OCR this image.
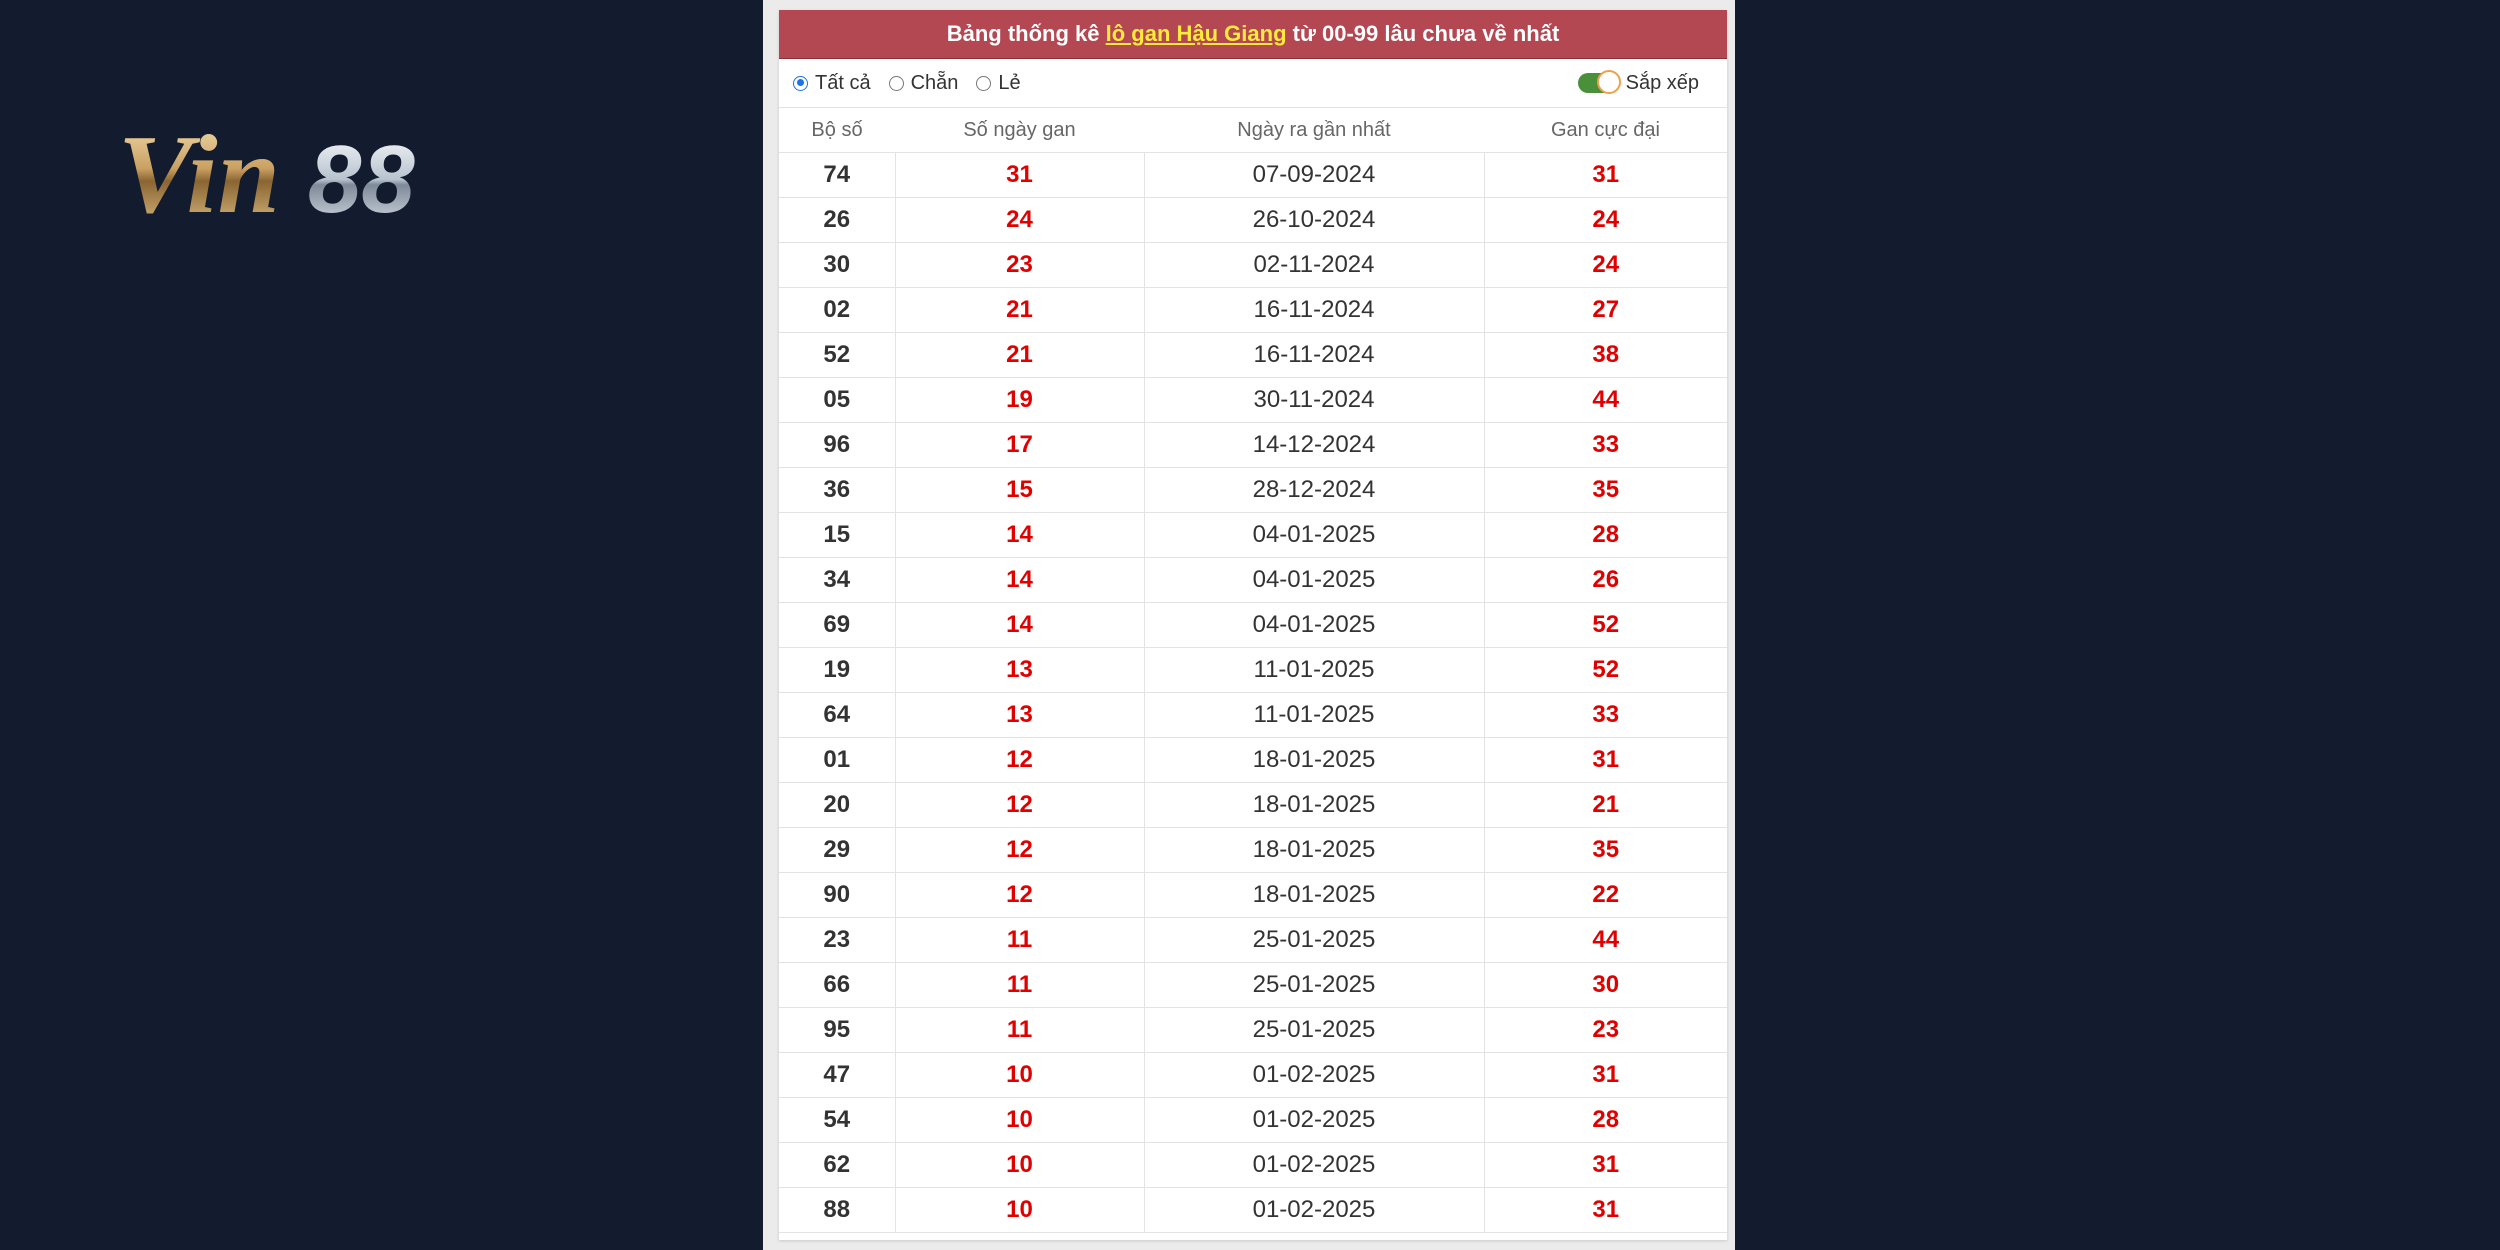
Vin 88
Bảng thống kê lô gan Hậu Giang từ 00-99 lâu chưa về nhất
Tất cả Chẵn Lẻ	Sắp xếp
Bộ số	Số ngày gan	Ngày ra gần nhất	Gan cực đại
74	31	07-09-2024	31
26	24	26-10-2024	24
30	23	02-11-2024	24
02	21	16-11-2024	27
52	21	16-11-2024	38
05	19	30-11-2024	44
96	17	14-12-2024	33
36	15	28-12-2024	35
15	14	04-01-2025	28
34	14	04-01-2025	26
69	14	04-01-2025	52
19	13	11-01-2025	52
64	13	11-01-2025	33
01	12	18-01-2025	31
20	12	18-01-2025	21
29	12	18-01-2025	35
90	12	18-01-2025	22
23	11	25-01-2025	44
66	11	25-01-2025	30
95	11	25-01-2025	23
47	10	01-02-2025	31
54	10	01-02-2025	28
62	10	01-02-2025	31
88	10	01-02-2025	31
